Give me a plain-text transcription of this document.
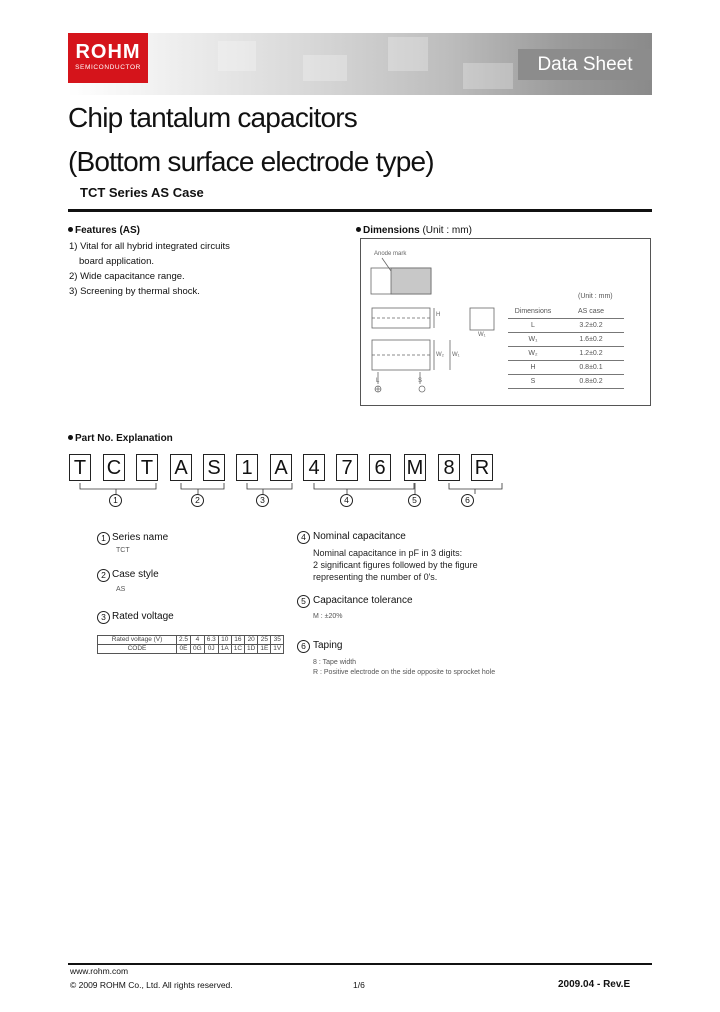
ROHM
SEMICONDUCTOR	Data Sheet
Chip tantalum capacitors
(Bottom surface electrode type)
TCT Series AS Case
Features (AS)
1) Vital for all hybrid integrated circuits
board application.
2) Wide capacitance range.
3) Screening by thermal shock.
Dimensions (Unit : mm)
Anode mark
H
W₂ W₁
W₁
L	S
(Unit : mm)
Dimensions	AS case
L	3.2±0.2
W₁	1.6±0.2
W₂	1.2±0.2
H	0.8±0.1
S	0.8±0.2
Part No. Explanation
T C T A S 1 A 4 7 6 M 8 R
1	2	3	4	5	6
1 Series name
TCT
2 Case style
AS
3 Rated voltage
Rated voltage (V)	2.5	4	6.3	10	16	20	25	35
CODE	0E	0G	0J	1A	1C	1D	1E	1V
4 Nominal capacitance
Nominal capacitance in pF in 3 digits:
2 significant figures followed by the figure
representing the number of 0's.
5 Capacitance tolerance
M : ±20%
6 Taping
8 : Tape width
R : Positive electrode on the side opposite to sprocket hole
www.rohm.com
© 2009 ROHM Co., Ltd. All rights reserved.	1/6	2009.04 - Rev.E
